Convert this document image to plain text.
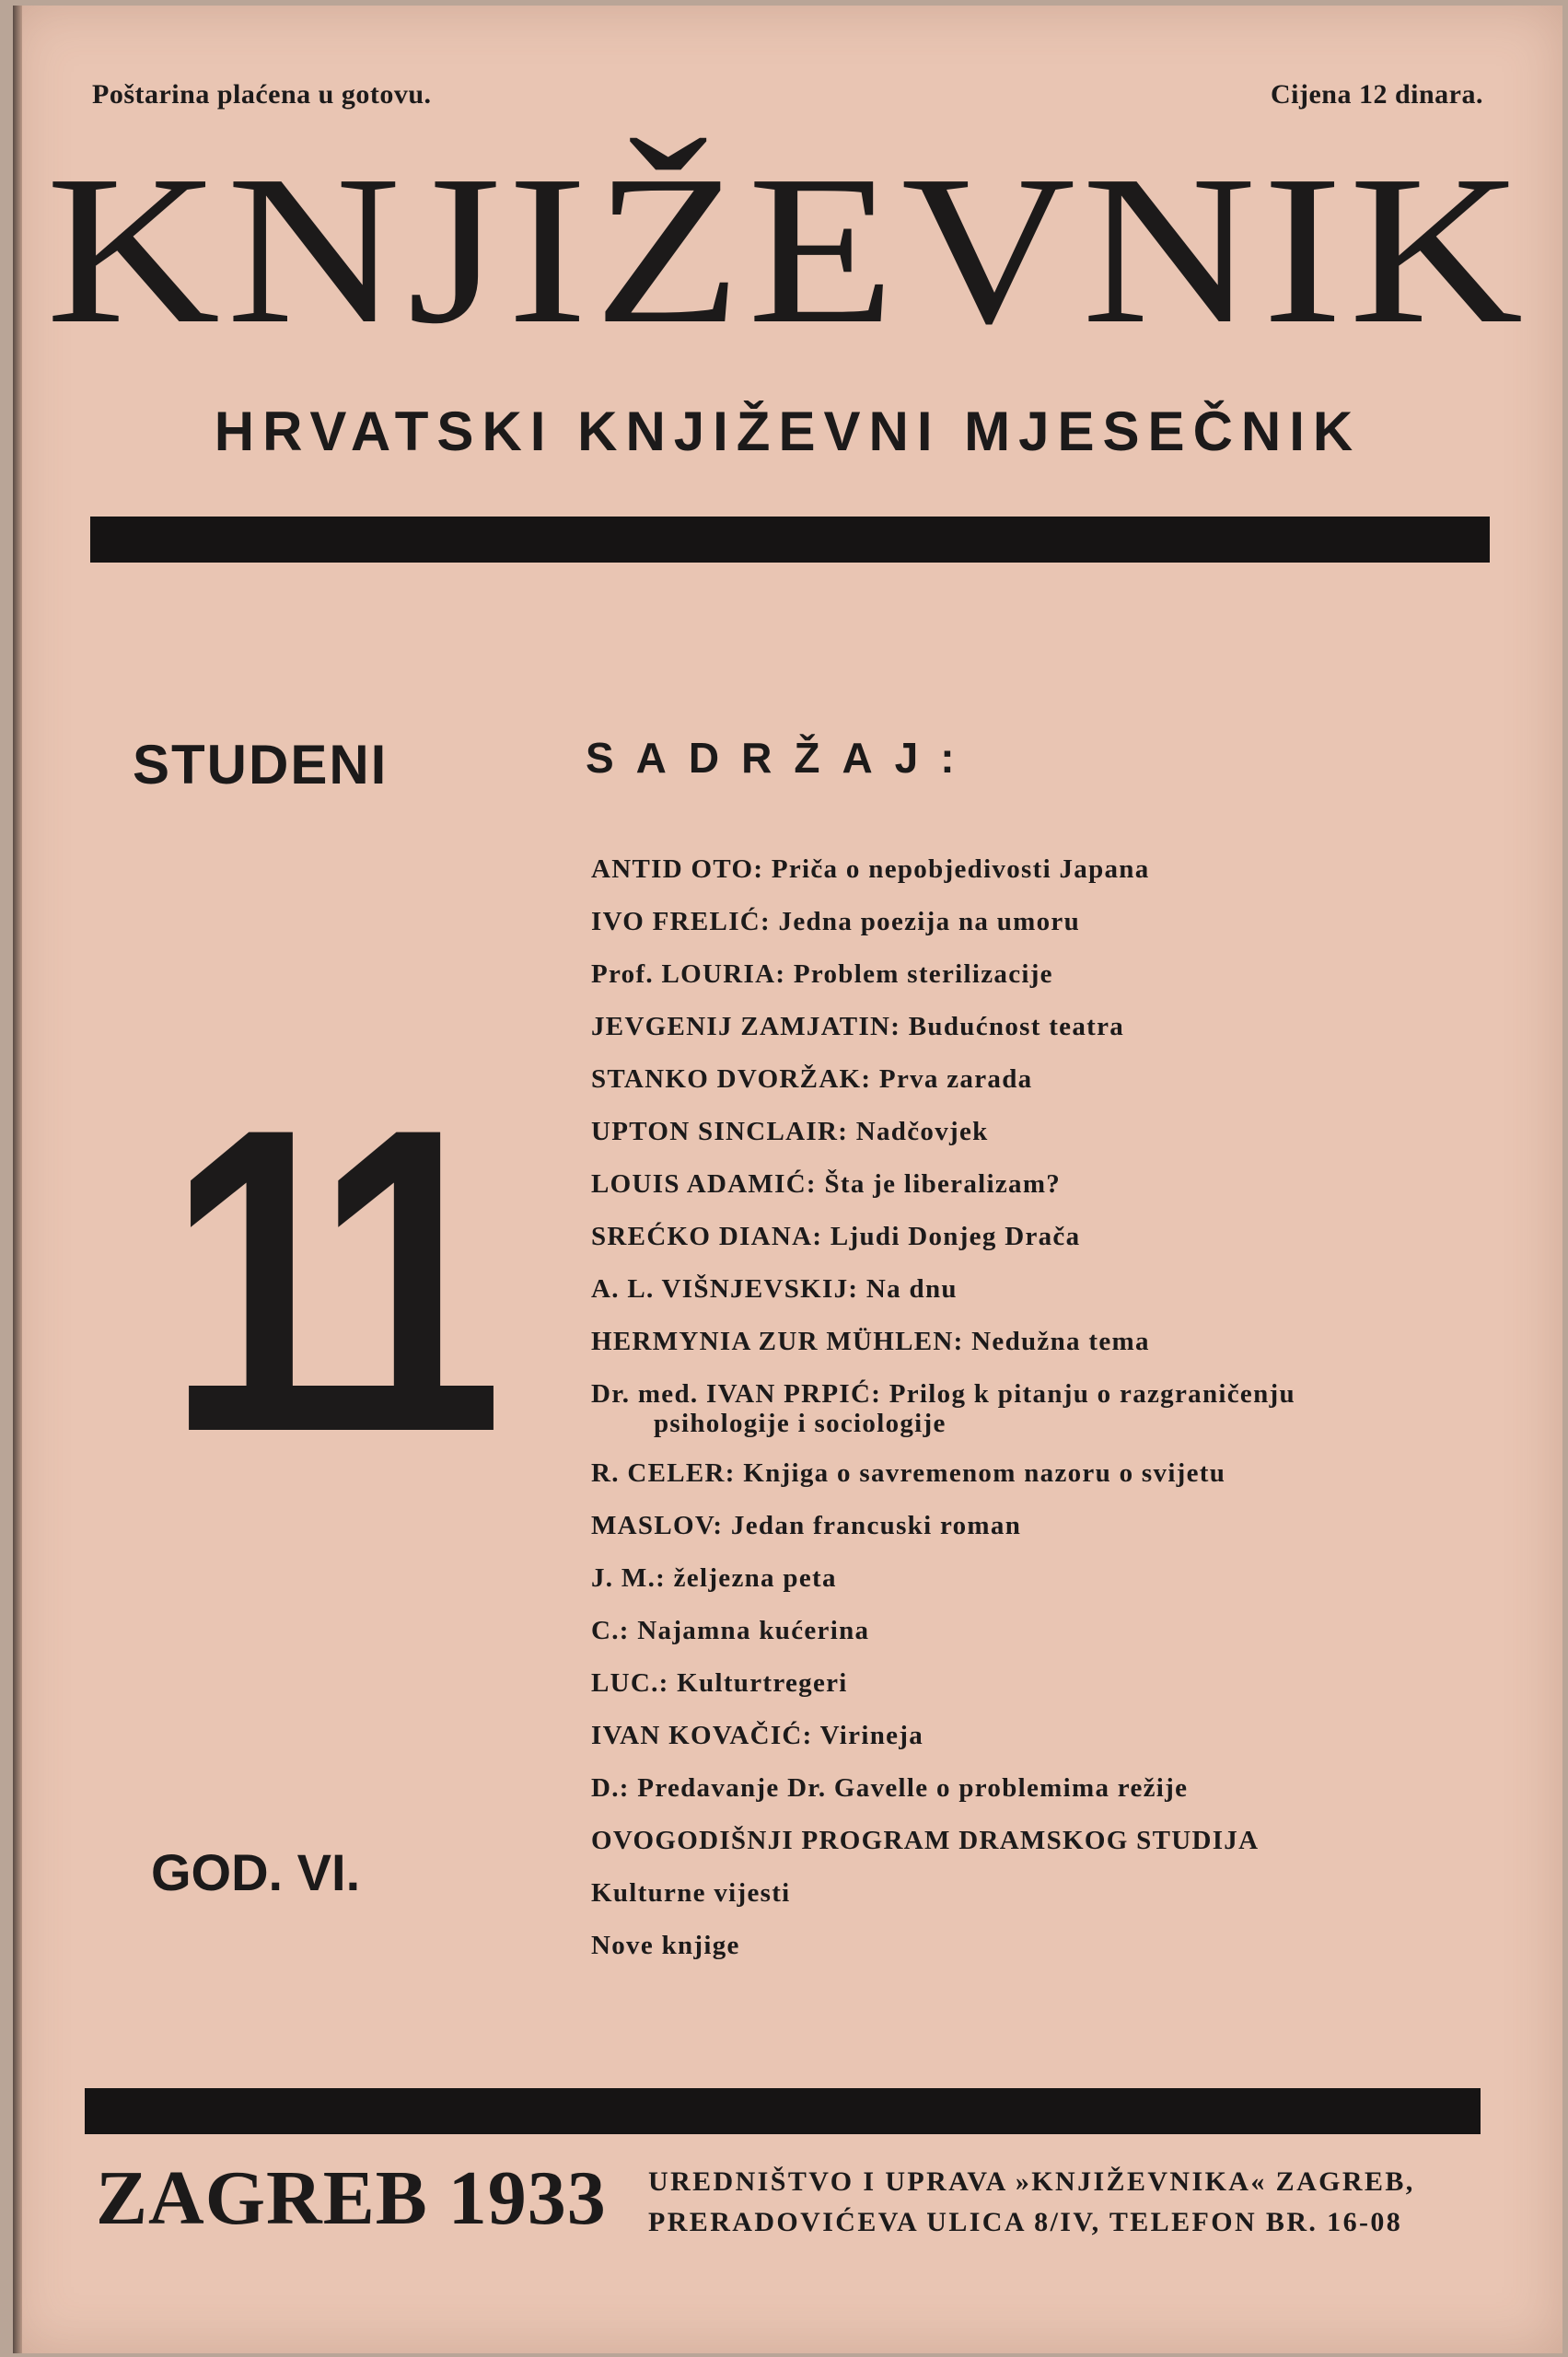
Poštarina plaćena u gotovu.	Cijena 12 dinara.
KNJIŽEVNIK
HRVATSKI KNJIŽEVNI MJESEČNIK
STUDENI
11
GOD. VI.
SADRŽAJ:
ANTID OTO: Priča o nepobjedivosti Japana
IVO FRELIĆ: Jedna poezija na umoru
Prof. LOURIA: Problem sterilizacije
JEVGENIJ ZAMJATIN: Budućnost teatra
STANKO DVORŽAK: Prva zarada
UPTON SINCLAIR: Nadčovjek
LOUIS ADAMIĆ: Šta je liberalizam?
SREĆKO DIANA: Ljudi Donjeg Drača
A. L. VIŠNJEVSKIJ: Na dnu
HERMYNIA ZUR MÜHLEN: Nedužna tema
Dr. med. IVAN PRPIĆ: Prilog k pitanju o razgraničenju
psihologije i sociologije
R. CELER: Knjiga o savremenom nazoru o svijetu
MASLOV: Jedan francuski roman
J. M.: željezna peta
C.: Najamna kućerina
LUC.: Kulturtregeri
IVAN KOVAČIĆ: Virineja
D.: Predavanje Dr. Gavelle o problemima režije
OVOGODIŠNJI PROGRAM DRAMSKOG STUDIJA
Kulturne vijesti
Nove knjige
ZAGREB 1933 UREDNIŠTVO I UPRAVA »KNJIŽEVNIKA« ZAGREB,
PRERADOVIĆEVA ULICA 8/IV, TELEFON BR. 16-08
